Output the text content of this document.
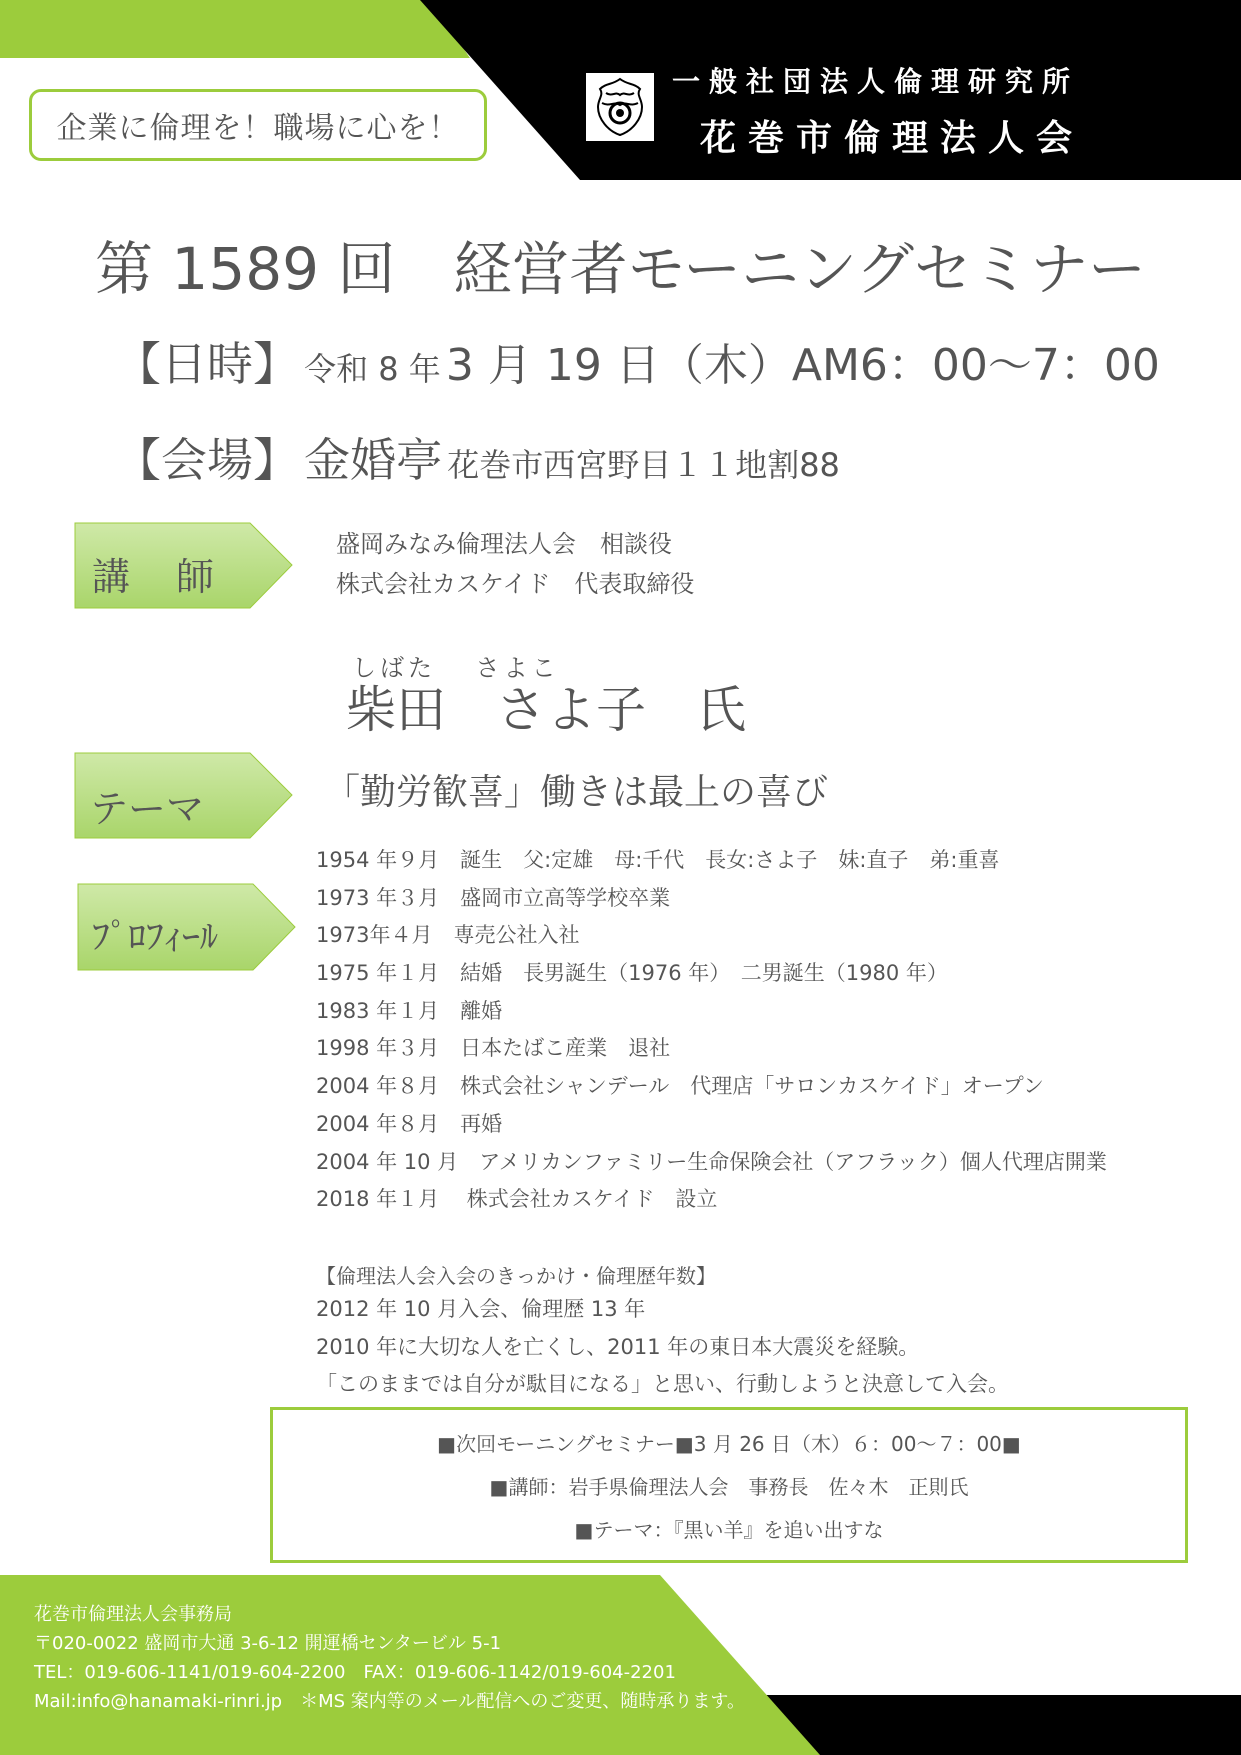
企業に倫理を！職場に心を！
一般社団法人倫理研究所
花巻市倫理法人会
第 1589 回　経営者モーニングセミナー
【日時】 令和 8 年 3 月 19 日（木）AM6：00～7：00
【会場】 金婚亭 花巻市西宮野目１１地割88
講　師
盛岡みなみ倫理法人会　相談役
株式会社カスケイド　代表取締役
しばた　 さよこ
柴田　さよ子　氏
テーマ	「勤労歓喜」働きは最上の喜び
ﾌﾟﾛﾌｨｰﾙ
1954 年９月　誕生　父:定雄　母:千代　長女:さよ子　妹:直子　弟:重喜
1973 年３月　盛岡市立高等学校卒業
1973年４月　専売公社入社
1975 年１月　結婚　長男誕生（1976 年）　二男誕生（1980 年）
1983 年１月　離婚
1998 年３月　日本たばこ産業　退社
2004 年８月　株式会社シャンデール　代理店「サロンカスケイド」オープン
2004 年８月　再婚
2004 年 10 月　アメリカンファミリー生命保険会社（アフラック）個人代理店開業
2018 年１月　 株式会社カスケイド　設立
【倫理法人会入会のきっかけ・倫理歴年数】
2012 年 10 月入会、倫理歴 13 年
2010 年に大切な人を亡くし、2011 年の東日本大震災を経験。
「このままでは自分が駄目になる」と思い、行動しようと決意して入会。
■次回モーニングセミナー■3 月 26 日（木）６：00～７：00■
■講師：岩手県倫理法人会　事務長　佐々木　正則氏
■テーマ：『黒い羊』を追い出すな
花巻市倫理法人会事務局
〒020-0022 盛岡市大通 3-6-12 開運橋センタービル 5-1
TEL：019-606-1141/019-604-2200　FAX：019-606-1142/019-604-2201
Mail:info@hanamaki-rinri.jp　＊MS 案内等のメール配信へのご変更、随時承ります。
